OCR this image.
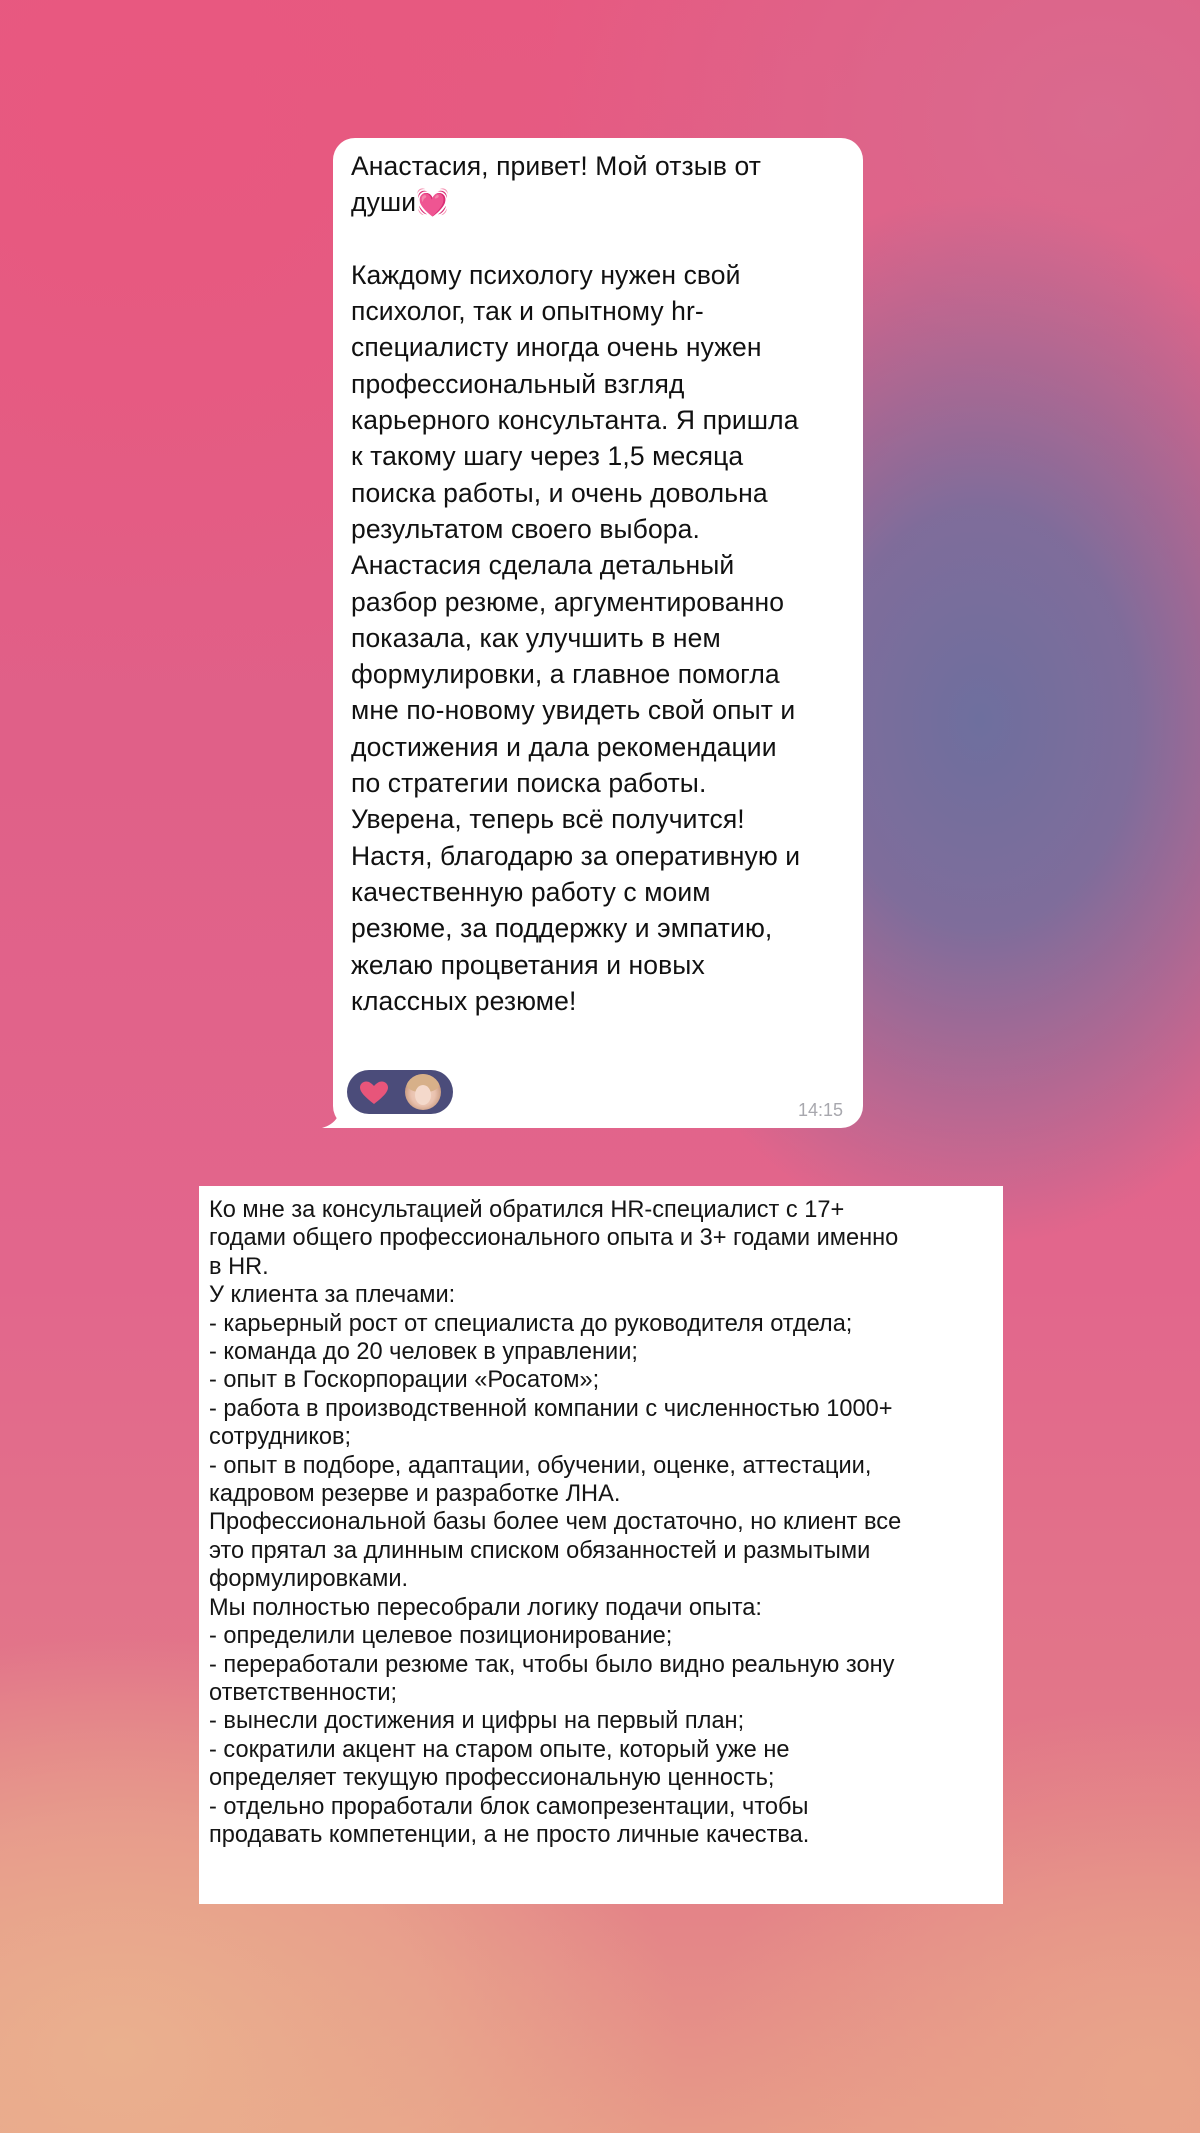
Анастасия, привет! Мой отзыв от
души💓

Каждому психологу нужен свой
психолог, так и опытному hr-
специалисту иногда очень нужен
профессиональный взгляд
карьерного консультанта. Я пришла
к такому шагу через 1,5 месяца
поиска работы, и очень довольна
результатом своего выбора.
Анастасия сделала детальный
разбор резюме, аргументированно
показала, как улучшить в нем
формулировки, а главное помогла
мне по-новому увидеть свой опыт и
достижения и дала рекомендации
по стратегии поиска работы.
Уверена, теперь всё получится!
Настя, благодарю за оперативную и
качественную работу с моим
резюме, за поддержку и эмпатию,
желаю процветания и новых
классных резюме!

14:15

Ко мне за консультацией обратился HR-специалист с 17+
годами общего профессионального опыта и 3+ годами именно
в HR.
У клиента за плечами:
- карьерный рост от специалиста до руководителя отдела;
- команда до 20 человек в управлении;
- опыт в Госкорпорации «Росатом»;
- работа в производственной компании с численностью 1000+
сотрудников;
- опыт в подборе, адаптации, обучении, оценке, аттестации,
кадровом резерве и разработке ЛНА.
Профессиональной базы более чем достаточно, но клиент все
это прятал за длинным списком обязанностей и размытыми
формулировками.
Мы полностью пересобрали логику подачи опыта:
- определили целевое позиционирование;
- переработали резюме так, чтобы было видно реальную зону
ответственности;
- вынесли достижения и цифры на первый план;
- сократили акцент на старом опыте, который уже не
определяет текущую профессиональную ценность;
- отдельно проработали блок самопрезентации, чтобы
продавать компетенции, а не просто личные качества.
